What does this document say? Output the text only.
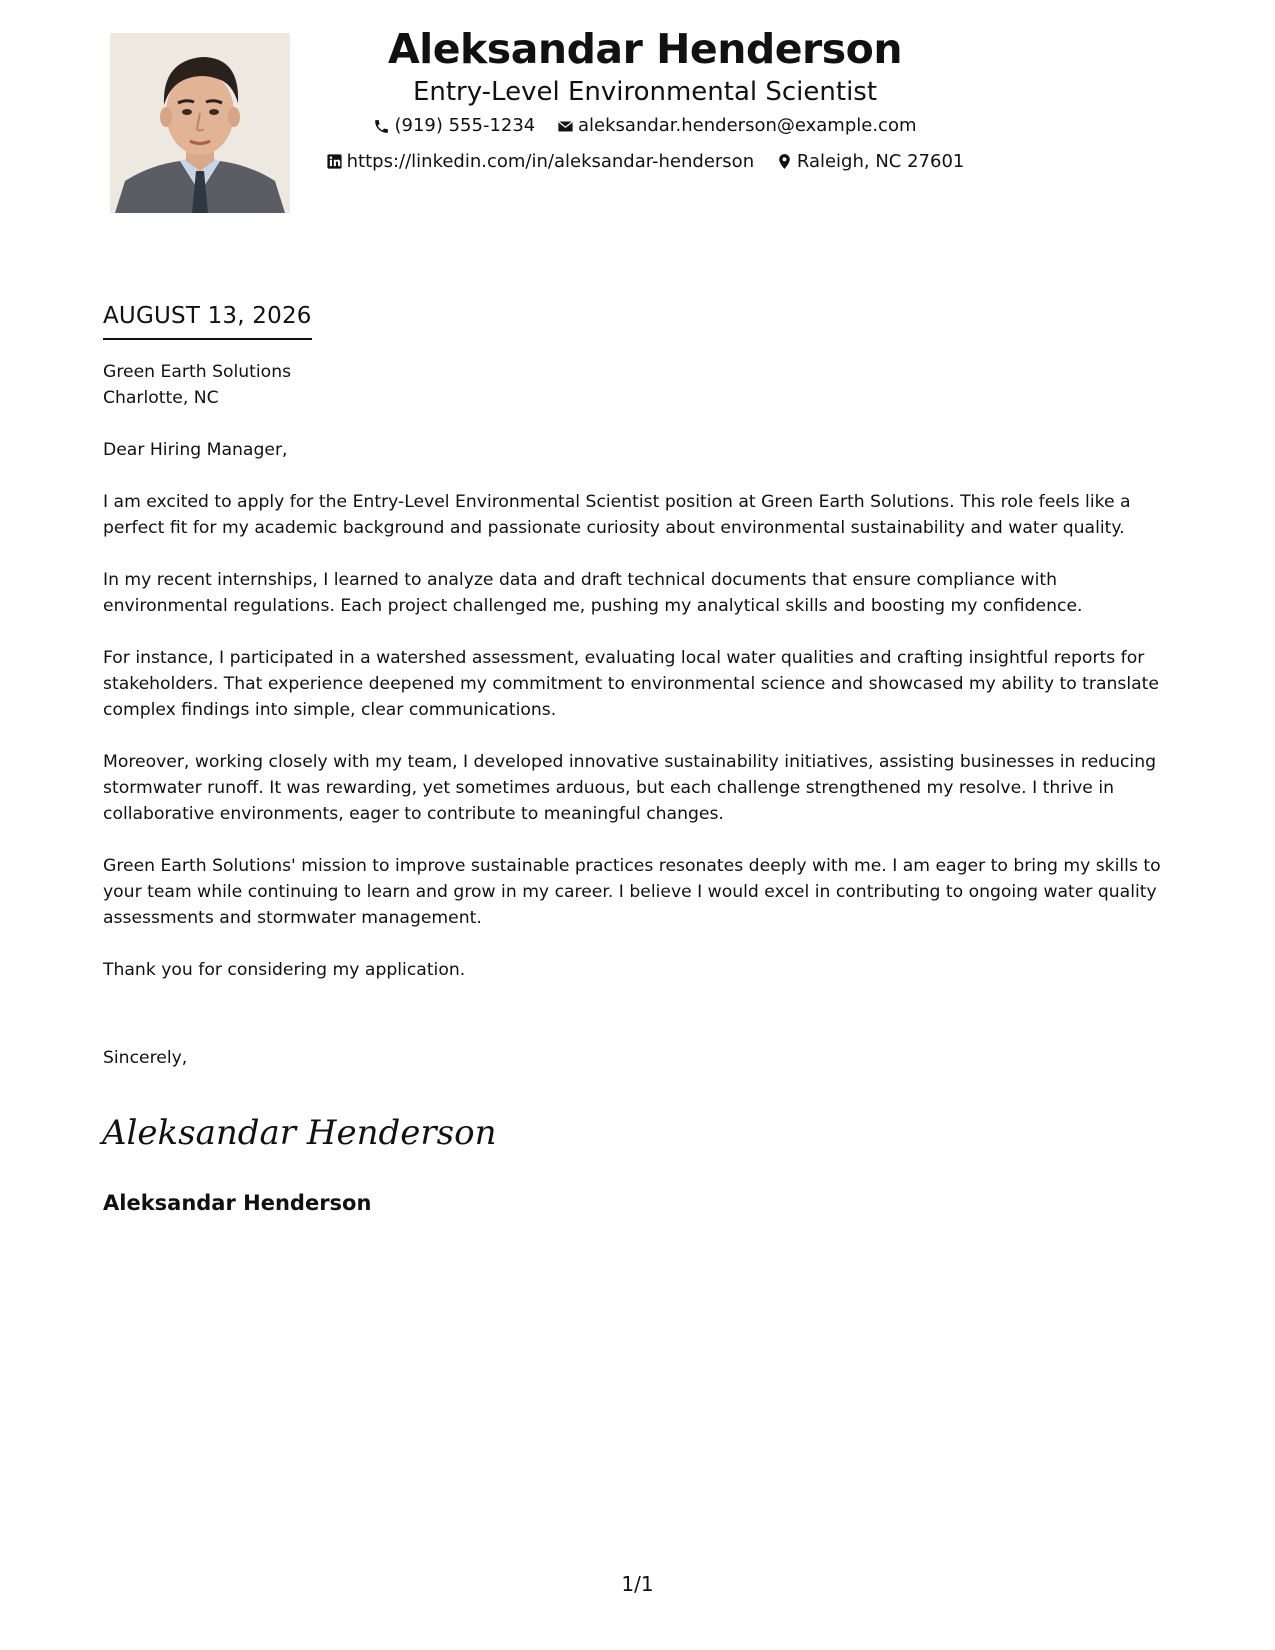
Aleksandar Henderson
Entry-Level Environmental Scientist
(919) 555-1234
aleksandar.henderson@example.com
https://linkedin.com/in/aleksandar-henderson
Raleigh, NC 27601
AUGUST 13, 2026
Green Earth Solutions
Charlotte, NC

Dear Hiring Manager,

I am excited to apply for the Entry-Level Environmental Scientist position at Green Earth Solutions. This role feels like a perfect fit for my academic background and passionate curiosity about environmental sustainability and water quality.

In my recent internships, I learned to analyze data and draft technical documents that ensure compliance with environmental regulations. Each project challenged me, pushing my analytical skills and boosting my confidence.

For instance, I participated in a watershed assessment, evaluating local water qualities and crafting insightful reports for stakeholders. That experience deepened my commitment to environmental science and showcased my ability to translate complex findings into simple, clear communications.

Moreover, working closely with my team, I developed innovative sustainability initiatives, assisting businesses in reducing stormwater runoff. It was rewarding, yet sometimes arduous, but each challenge strengthened my resolve. I thrive in collaborative environments, eager to contribute to meaningful changes.

Green Earth Solutions' mission to improve sustainable practices resonates deeply with me. I am eager to bring my skills to your team while continuing to learn and grow in my career. I believe I would excel in contributing to ongoing water quality assessments and stormwater management.

Thank you for considering my application.

Sincerely,
Aleksandar Henderson
Aleksandar Henderson
1/1
